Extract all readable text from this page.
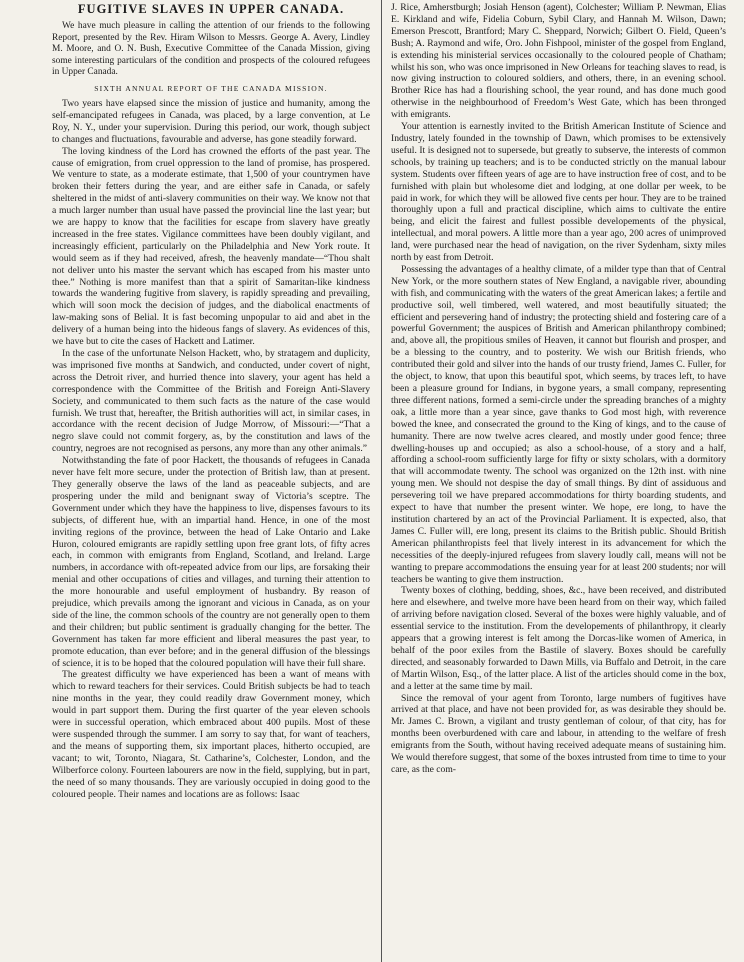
FUGITIVE SLAVES IN UPPER CANADA.

We have much pleasure in calling the attention of our friends to the following Report, presented by the Rev. Hiram Wilson to Messrs. George A. Avery, Lindley M. Moore, and O. N. Bush, Executive Committee of the Canada Mission, giving some interesting particulars of the condition and prospects of the coloured refugees in Upper Canada.

SIXTH ANNUAL REPORT OF THE CANADA MISSION.

Two years have elapsed since the mission of justice and humanity, among the self-emancipated refugees in Canada, was placed, by a large convention, at Le Roy, N. Y., under your supervision. During this period, our work, though subject to changes and fluctuations, favourable and adverse, has gone steadily forward.

The loving kindness of the Lord has crowned the efforts of the past year. The cause of emigration, from cruel oppression to the land of promise, has prospered. We venture to state, as a moderate estimate, that 1,500 of your countrymen have broken their fetters during the year, and are either safe in Canada, or safely sheltered in the midst of anti-slavery communities on their way. We know not that a much larger number than usual have passed the provincial line the last year; but we are happy to know that the facilities for escape from slavery have greatly increased in the free states. Vigilance committees have been doubly vigilant, and increasingly efficient, particularly on the Philadelphia and New York route. It would seem as if they had received, afresh, the heavenly mandate—“Thou shalt not deliver unto his master the servant which has escaped from his master unto thee.” Nothing is more manifest than that a spirit of Samaritan-like kindness towards the wandering fugitive from slavery, is rapidly spreading and prevailing, which will soon mock the decision of judges, and the diabolical enactments of law-making sons of Belial. It is fast becoming unpopular to aid and abet in the delivery of a human being into the hideous fangs of slavery. As evidences of this, we have but to cite the cases of Hackett and Latimer.

In the case of the unfortunate Nelson Hackett, who, by stratagem and duplicity, was imprisoned five months at Sandwich, and conducted, under covert of night, across the Detroit river, and hurried thence into slavery, your agent has held a correspondence with the Committee of the British and Foreign Anti-Slavery Society, and communicated to them such facts as the nature of the case would furnish. We trust that, hereafter, the British authorities will act, in similar cases, in accordance with the recent decision of Judge Morrow, of Missouri:—“That a negro slave could not commit forgery, as, by the constitution and laws of the country, negroes are not recognised as persons, any more than any other animals.”

Notwithstanding the fate of poor Hackett, the thousands of refugees in Canada never have felt more secure, under the protection of British law, than at present. They generally observe the laws of the land as peaceable subjects, and are prospering under the mild and benignant sway of Victoria’s sceptre. The Government under which they have the happiness to live, dispenses favours to its subjects, of different hue, with an impartial hand. Hence, in one of the most inviting regions of the province, between the head of Lake Ontario and Lake Huron, coloured emigrants are rapidly settling upon free grant lots, of fifty acres each, in common with emigrants from England, Scotland, and Ireland. Large numbers, in accordance with oft-repeated advice from our lips, are forsaking their menial and other occupations of cities and villages, and turning their attention to the more honourable and useful employment of husbandry. By reason of prejudice, which prevails among the ignorant and vicious in Canada, as on your side of the line, the common schools of the country are not generally open to them and their children; but public sentiment is gradually changing for the better. The Government has taken far more efficient and liberal measures the past year, to promote education, than ever before; and in the general diffusion of the blessings of science, it is to be hoped that the coloured population will have their full share.

The greatest difficulty we have experienced has been a want of means with which to reward teachers for their services. Could British subjects be had to teach nine months in the year, they could readily draw Government money, which would in part support them. During the first quarter of the year eleven schools were in successful operation, which embraced about 400 pupils. Most of these were suspended through the summer. I am sorry to say that, for want of teachers, and the means of supporting them, six important places, hitherto occupied, are vacant; to wit, Toronto, Niagara, St. Catharine’s, Colchester, London, and the Wilberforce colony. Fourteen labourers are now in the field, supplying, but in part, the need of so many thousands. They are variously occupied in doing good to the coloured people. Their names and locations are as follows: Isaac

J. Rice, Amherstburgh; Josiah Henson (agent), Colchester; William P. Newman, Elias E. Kirkland and wife, Fidelia Coburn, Sybil Clary, and Hannah M. Wilson, Dawn; Emerson Prescott, Brantford; Mary C. Sheppard, Norwich; Gilbert O. Field, Queen’s Bush; A. Raymond and wife, Oro. John Fishpool, minister of the gospel from England, is extending his ministerial services occasionally to the coloured people of Chatham; whilst his son, who was once imprisoned in New Orleans for teaching slaves to read, is now giving instruction to coloured soldiers, and others, there, in an evening school. Brother Rice has had a flourishing school, the year round, and has done much good otherwise in the neighbourhood of Freedom’s West Gate, which has been thronged with emigrants.

Your attention is earnestly invited to the British American Institute of Science and Industry, lately founded in the township of Dawn, which promises to be extensively useful. It is designed not to supersede, but greatly to subserve, the interests of common schools, by training up teachers; and is to be conducted strictly on the manual labour system. Students over fifteen years of age are to have instruction free of cost, and to be furnished with plain but wholesome diet and lodging, at one dollar per week, to be paid in work, for which they will be allowed five cents per hour. They are to be trained thoroughly upon a full and practical discipline, which aims to cultivate the entire being, and elicit the fairest and fullest possible developements of the physical, intellectual, and moral powers. A little more than a year ago, 200 acres of unimproved land, were purchased near the head of navigation, on the river Sydenham, sixty miles north by east from Detroit.

Possessing the advantages of a healthy climate, of a milder type than that of Central New York, or the more southern states of New England, a navigable river, abounding with fish, and communicating with the waters of the great American lakes; a fertile and productive soil, well timbered, well watered, and most beautifully situated; the efficient and persevering hand of industry; the protecting shield and fostering care of a powerful Government; the auspices of British and American philanthropy combined; and, above all, the propitious smiles of Heaven, it cannot but flourish and prosper, and be a blessing to the country, and to posterity. We wish our British friends, who contributed their gold and silver into the hands of our trusty friend, James C. Fuller, for the object, to know, that upon this beautiful spot, which seems, by traces left, to have been a pleasure ground for Indians, in bygone years, a small company, representing three different nations, formed a semi-circle under the spreading branches of a mighty oak, a little more than a year since, gave thanks to God most high, with reverence bowed the knee, and consecrated the ground to the King of kings, and to the cause of humanity. There are now twelve acres cleared, and mostly under good fence; three dwelling-houses up and occupied; as also a school-house, of a story and a half, affording a school-room sufficiently large for fifty or sixty scholars, with a dormitory that will accommodate twenty. The school was organized on the 12th inst. with nine young men. We should not despise the day of small things. By dint of assiduous and persevering toil we have prepared accommodations for thirty boarding students, and expect to have that number the present winter. We hope, ere long, to have the institution chartered by an act of the Provincial Parliament. It is expected, also, that James C. Fuller will, ere long, present its claims to the British public. Should British American philanthropists feel that lively interest in its advancement for which the necessities of the deeply-injured refugees from slavery loudly call, means will not be wanting to prepare accommodations the ensuing year for at least 200 students; nor will teachers be wanting to give them instruction.

Twenty boxes of clothing, bedding, shoes, &c., have been received, and distributed here and elsewhere, and twelve more have been heard from on their way, which failed of arriving before navigation closed. Several of the boxes were highly valuable, and of essential service to the institution. From the developements of philanthropy, it clearly appears that a growing interest is felt among the Dorcas-like women of America, in behalf of the poor exiles from the Bastile of slavery. Boxes should be carefully directed, and seasonably forwarded to Dawn Mills, via Buffalo and Detroit, in the care of Martin Wilson, Esq., of the latter place. A list of the articles should come in the box, and a letter at the same time by mail.

Since the removal of your agent from Toronto, large numbers of fugitives have arrived at that place, and have not been provided for, as was desirable they should be. Mr. James C. Brown, a vigilant and trusty gentleman of colour, of that city, has for months been overburdened with care and labour, in attending to the welfare of fresh emigrants from the South, without having received adequate means of sustaining him. We would therefore suggest, that some of the boxes intrusted from time to time to your care, as the com-
